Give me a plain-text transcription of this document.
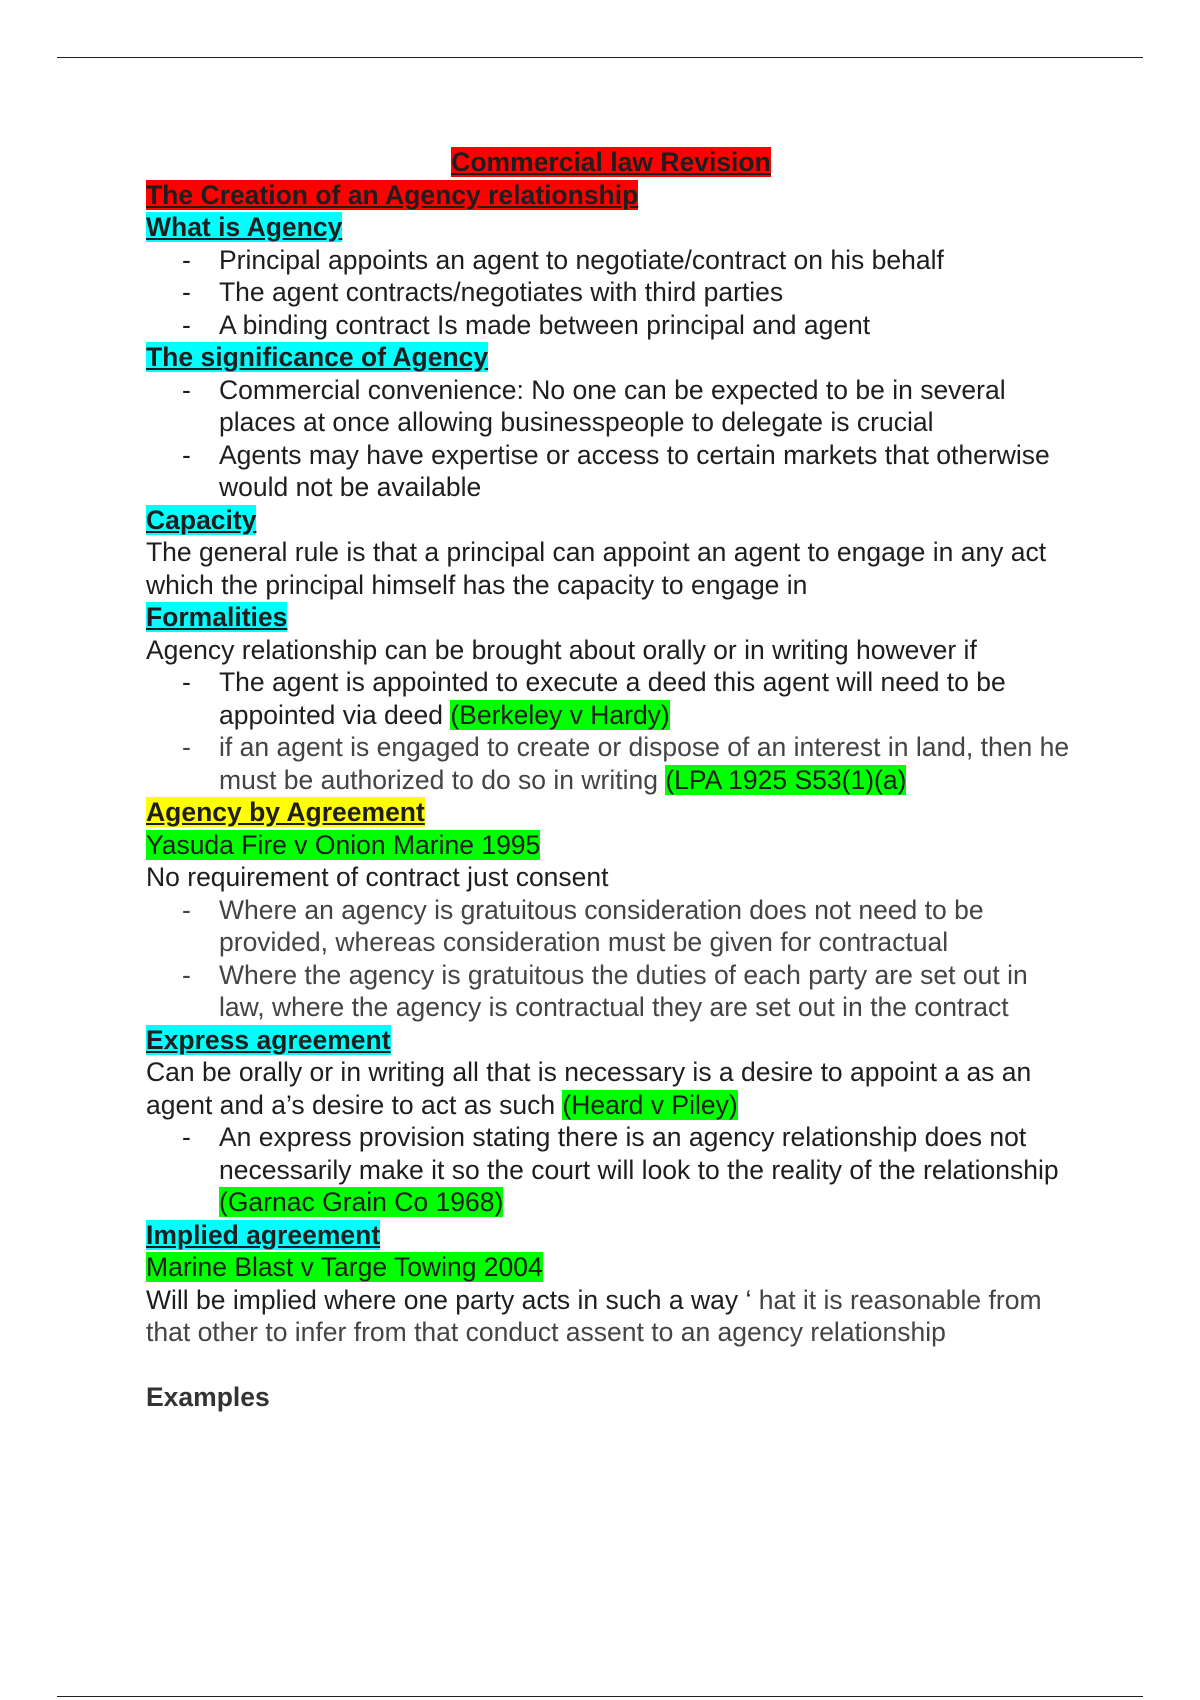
Commercial law Revision
The Creation of an Agency relationship
What is Agency
- Principal appoints an agent to negotiate/contract on his behalf
- The agent contracts/negotiates with third parties
- A binding contract Is made between principal and agent
The significance of Agency
- Commercial convenience: No one can be expected to be in several places at once allowing businesspeople to delegate is crucial
- Agents may have expertise or access to certain markets that otherwise would not be available
Capacity
The general rule is that a principal can appoint an agent to engage in any act which the principal himself has the capacity to engage in
Formalities
Agency relationship can be brought about orally or in writing however if
- The agent is appointed to execute a deed this agent will need to be appointed via deed (Berkeley v Hardy)
- if an agent is engaged to create or dispose of an interest in land, then he must be authorized to do so in writing (LPA 1925 S53(1)(a)
Agency by Agreement
Yasuda Fire v Onion Marine 1995
No requirement of contract just consent
- Where an agency is gratuitous consideration does not need to be provided, whereas consideration must be given for contractual
- Where the agency is gratuitous the duties of each party are set out in law, where the agency is contractual they are set out in the contract
Express agreement
Can be orally or in writing all that is necessary is a desire to appoint a as an agent and a’s desire to act as such (Heard v Piley)
- An express provision stating there is an agency relationship does not necessarily make it so the court will look to the reality of the relationship (Garnac Grain Co 1968)
Implied agreement
Marine Blast v Targe Towing 2004
Will be implied where one party acts in such a way ‘ hat it is reasonable from that other to infer from that conduct assent to an agency relationship
Examples
